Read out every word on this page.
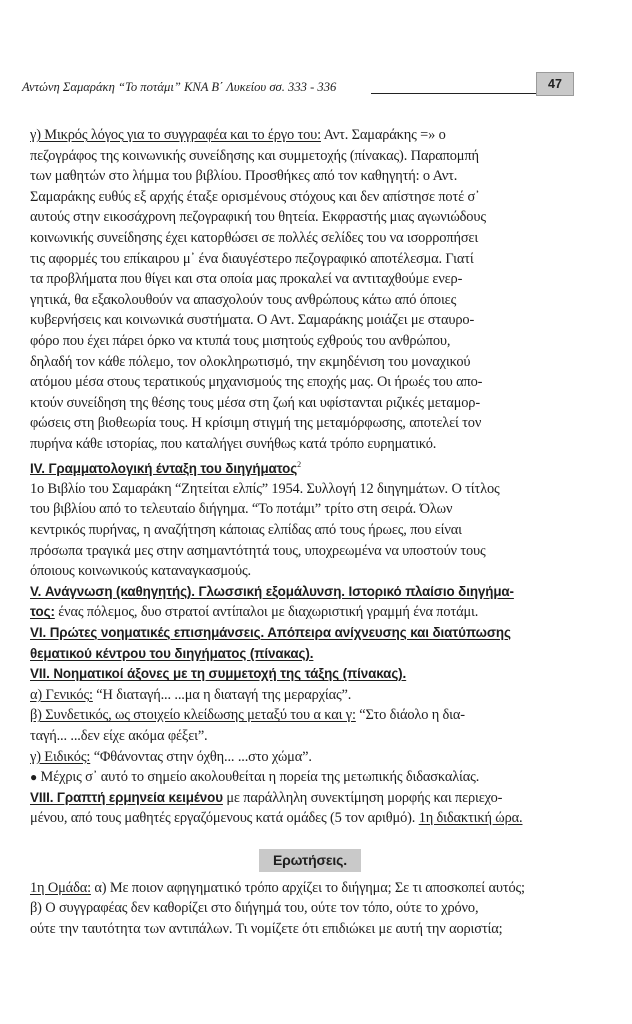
Αντώνη Σαμαράκη “Το ποτάμι” ΚΝΑ Β΄ Λυκείου σσ. 333 - 336	47

γ) Μικρός λόγος για το συγγραφέα και το έργο του: Αντ. Σαμαράκης =» ο
πεζογράφος της κοινωνικής συνείδησης και συμμετοχής (πίνακας). Παραπομπή
των μαθητών στο λήμμα του βιβλίου. Προσθήκες από τον καθηγητή: ο Αντ.
Σαμαράκης ευθύς εξ αρχής έταξε ορισμένους στόχους και δεν απίστησε ποτέ σ᾽
αυτούς στην εικοσάχρονη πεζογραφική του θητεία. Εκφραστής μιας αγωνιώδους
κοινωνικής συνείδησης έχει κατορθώσει σε πολλές σελίδες του να ισορροπήσει
τις αφορμές του επίκαιρου μ᾽ ένα διαυγέστερο πεζογραφικό αποτέλεσμα. Γιατί
τα προβλήματα που θίγει και στα οποία μας προκαλεί να αντιταχθούμε ενερ-
γητικά, θα εξακολουθούν να απασχολούν τους ανθρώπους κάτω από όποιες
κυβερνήσεις και κοινωνικά συστήματα. Ο Αντ. Σαμαράκης μοιάζει με σταυρο-
φόρο που έχει πάρει όρκο να κτυπά τους μισητούς εχθρούς του ανθρώπου,
δηλαδή τον κάθε πόλεμο, τον ολοκληρωτισμό, την εκμηδένιση του μοναχικού
ατόμου μέσα στους τερατικούς μηχανισμούς της εποχής μας. Οι ήρωές του απο-
κτούν συνείδηση της θέσης τους μέσα στη ζωή και υφίστανται ριζικές μεταμορ-
φώσεις στη βιοθεωρία τους. Η κρίσιμη στιγμή της μεταμόρφωσης, αποτελεί τον
πυρήνα κάθε ιστορίας, που καταλήγει συνήθως κατά τρόπο ευρηματικό.

IV. Γραμματολογική ένταξη του διηγήματος$^2$
1ο Βιβλίο του Σαμαράκη “Ζητείται ελπίς” 1954. Συλλογή 12 διηγημάτων. Ο τίτλος
του βιβλίου από το τελευταίο διήγημα. “Το ποτάμι” τρίτο στη σειρά. Όλων
κεντρικός πυρήνας, η αναζήτηση κάποιας ελπίδας από τους ήρωες, που είναι
πρόσωπα τραγικά μες στην ασημαντότητά τους, υποχρεωμένα να υποστούν τους
όποιους κοινωνικούς καταναγκασμούς.

V. Ανάγνωση (καθηγητής). Γλωσσική εξομάλυνση. Ιστορικό πλαίσιο διηγήμα-
τος: ένας πόλεμος, δυο στρατοί αντίπαλοι με διαχωριστική γραμμή ένα ποτάμι.

VI. Πρώτες νοηματικές επισημάνσεις. Απόπειρα ανίχνευσης και διατύπωσης
θεματικού κέντρου του διηγήματος (πίνακας).

VII. Νοηματικοί άξονες με τη συμμετοχή της τάξης (πίνακας).
α) Γενικός: “Η διαταγή... ...μα η διαταγή της μεραρχίας”.
β) Συνδετικός, ως στοιχείο κλείδωσης μεταξύ του α και γ: “Στο διάολο η δια-
ταγή... ...δεν είχε ακόμα φέξει”.
γ) Ειδικός: “Φθάνοντας στην όχθη... ...στο χώμα”.
● Μέχρις σ᾽ αυτό το σημείο ακολουθείται η πορεία της μετωπικής διδασκαλίας.

VIII. Γραπτή ερμηνεία κειμένου με παράλληλη συνεκτίμηση μορφής και περιεχο-
μένου, από τους μαθητές εργαζόμενους κατά ομάδες (5 τον αριθμό). 1η διδακτική ώρα.

Ερωτήσεις.

1η Ομάδα: α) Με ποιον αφηγηματικό τρόπο αρχίζει το διήγημα; Σε τι αποσκοπεί αυτός;
β) Ο συγγραφέας δεν καθορίζει στο διήγημά του, ούτε τον τόπο, ούτε το χρόνο,
ούτε την ταυτότητα των αντιπάλων. Τι νομίζετε ότι επιδιώκει με αυτή την αοριστία;
